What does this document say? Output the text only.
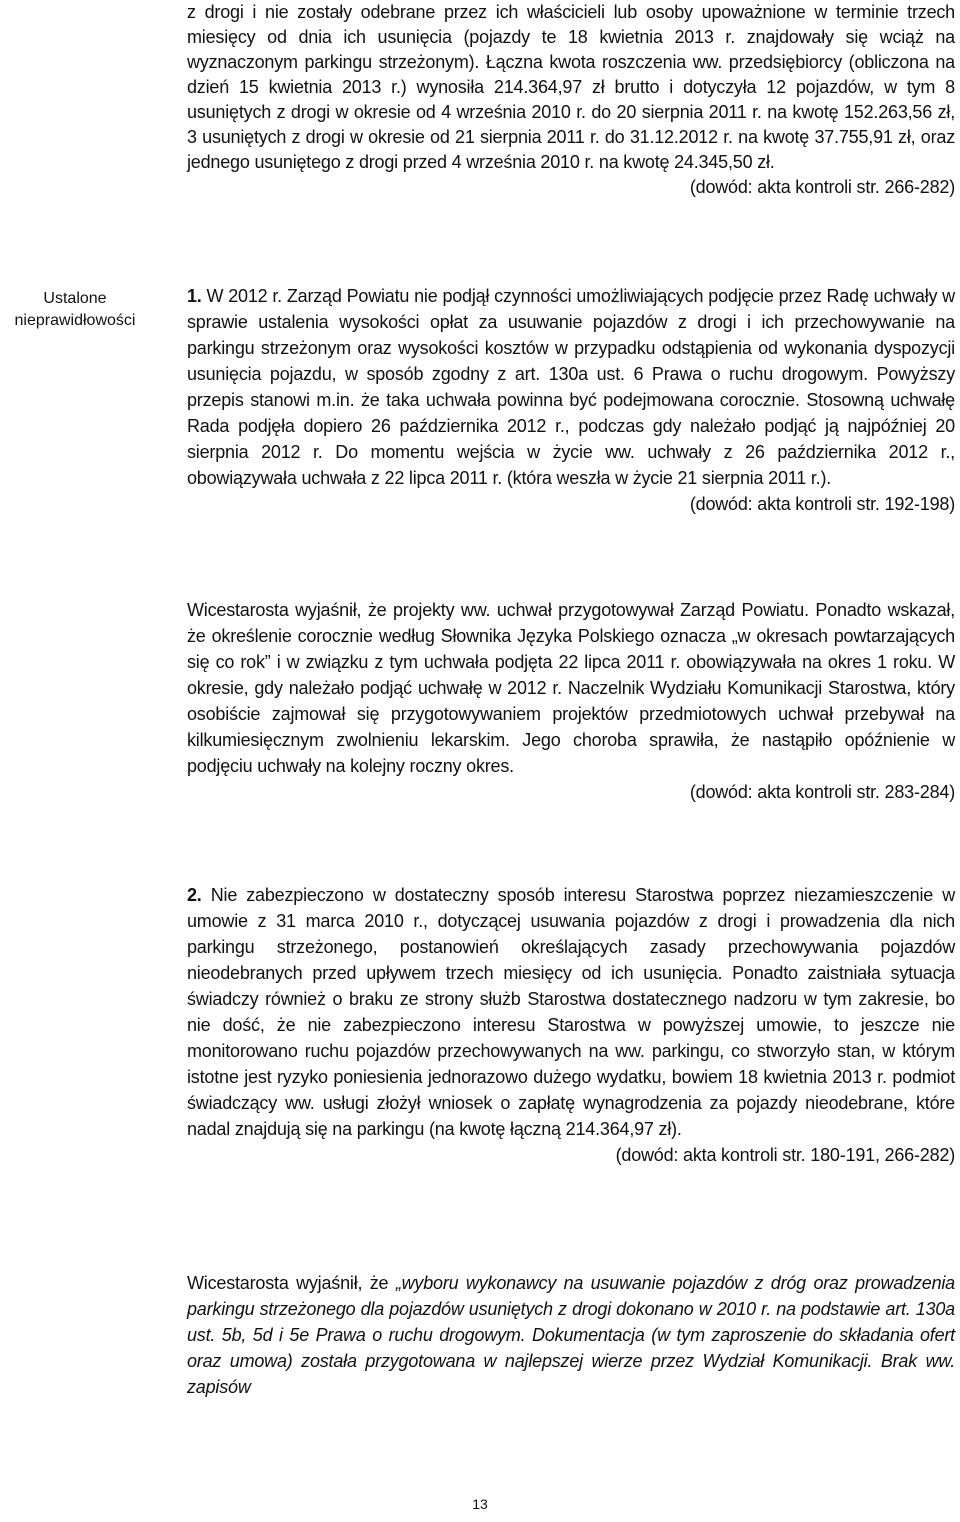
Ustalone
nieprawidłowości

z drogi i nie zostały odebrane przez ich właścicieli lub osoby upoważnione w terminie trzech miesięcy od dnia ich usunięcia (pojazdy te 18 kwietnia 2013 r. znajdowały się wciąż na wyznaczonym parkingu strzeżonym). Łączna kwota roszczenia ww. przedsiębiorcy (obliczona na dzień 15 kwietnia 2013 r.) wynosiła 214.364,97 zł brutto i dotyczyła 12 pojazdów, w tym 8 usuniętych z drogi w okresie od 4 września 2010 r. do 20 sierpnia 2011 r. na kwotę 152.263,56 zł, 3 usuniętych z drogi w okresie od 21 sierpnia 2011 r. do 31.12.2012 r. na kwotę 37.755,91 zł, oraz jednego usuniętego z drogi przed 4 września 2010 r. na kwotę 24.345,50 zł.

(dowód: akta kontroli str. 266-282)

1. W 2012 r. Zarząd Powiatu nie podjął czynności umożliwiających podjęcie przez Radę uchwały w sprawie ustalenia wysokości opłat za usuwanie pojazdów z drogi i ich przechowywanie na parkingu strzeżonym oraz wysokości kosztów w przypadku odstąpienia od wykonania dyspozycji usunięcia pojazdu, w sposób zgodny z art. 130a ust. 6 Prawa o ruchu drogowym. Powyższy przepis stanowi m.in. że taka uchwała powinna być podejmowana corocznie. Stosowną uchwałę Rada podjęła dopiero 26 października 2012 r., podczas gdy należało podjąć ją najpóźniej 20 sierpnia 2012 r. Do momentu wejścia w życie ww. uchwały z 26 października 2012 r., obowiązywała uchwała z 22 lipca 2011 r. (która weszła w życie 21 sierpnia 2011 r.).

(dowód: akta kontroli str. 192-198)

Wicestarosta wyjaśnił, że projekty ww. uchwał przygotowywał Zarząd Powiatu. Ponadto wskazał, że określenie corocznie według Słownika Języka Polskiego oznacza „w okresach powtarzających się co rok” i w związku z tym uchwała podjęta 22 lipca 2011 r. obowiązywała na okres 1 roku. W okresie, gdy należało podjąć uchwałę w 2012 r. Naczelnik Wydziału Komunikacji Starostwa, który osobiście zajmował się przygotowywaniem projektów przedmiotowych uchwał przebywał na kilkumiesięcznym zwolnieniu lekarskim. Jego choroba sprawiła, że nastąpiło opóźnienie w podjęciu uchwały na kolejny roczny okres.

(dowód: akta kontroli str. 283-284)

2. Nie zabezpieczono w dostateczny sposób interesu Starostwa poprzez niezamieszczenie w umowie z 31 marca 2010 r., dotyczącej usuwania pojazdów z drogi i prowadzenia dla nich parkingu strzeżonego, postanowień określających zasady przechowywania pojazdów nieodebranych przed upływem trzech miesięcy od ich usunięcia. Ponadto zaistniała sytuacja świadczy również o braku ze strony służb Starostwa dostatecznego nadzoru w tym zakresie, bo nie dość, że nie zabezpieczono interesu Starostwa w powyższej umowie, to jeszcze nie monitorowano ruchu pojazdów przechowywanych na ww. parkingu, co stworzyło stan, w którym istotne jest ryzyko poniesienia jednorazowo dużego wydatku, bowiem 18 kwietnia 2013 r. podmiot świadczący ww. usługi złożył wniosek o zapłatę wynagrodzenia za pojazdy nieodebrane, które nadal znajdują się na parkingu (na kwotę łączną 214.364,97 zł).

(dowód: akta kontroli str. 180-191, 266-282)

Wicestarosta wyjaśnił, że „wyboru wykonawcy na usuwanie pojazdów z dróg oraz prowadzenia parkingu strzeżonego dla pojazdów usuniętych z drogi dokonano w 2010 r. na podstawie art. 130a ust. 5b, 5d i 5e Prawa o ruchu drogowym. Dokumentacja (w tym zaproszenie do składania ofert oraz umowa) została przygotowana w najlepszej wierze przez Wydział Komunikacji. Brak ww. zapisów

13
